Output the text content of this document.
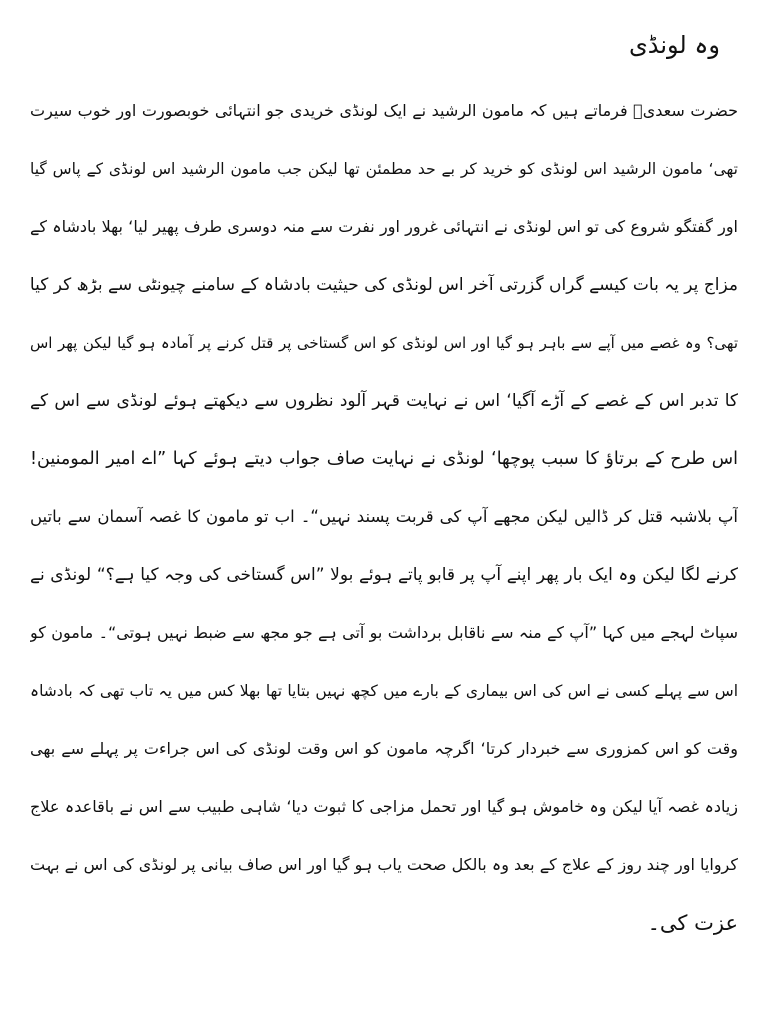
وہ لونڈی
حضرت سعدیؒ فرماتے ہیں کہ مامون الرشید نے ایک لونڈی خریدی جو انتہائی خوبصورت اور خوب سیرت
تھی‘ مامون الرشید اس لونڈی کو خرید کر بے حد مطمئن تھا لیکن جب مامون الرشید اس لونڈی کے پاس گیا
اور گفتگو شروع کی تو اس لونڈی نے انتہائی غرور اور نفرت سے منہ دوسری طرف پھیر لیا‘ بھلا بادشاہ کے
مزاج پر یہ بات کیسے گراں گزرتی آخر اس لونڈی کی حیثیت بادشاہ کے سامنے چیونٹی سے بڑھ کر کیا
تھی؟ وہ غصے میں آپے سے باہر ہو گیا اور اس لونڈی کو اس گستاخی پر قتل کرنے پر آمادہ ہو گیا لیکن پھر اس
کا تدبر اس کے غصے کے آڑے آگیا‘ اس نے نہایت قہر آلود نظروں سے دیکھتے ہوئے لونڈی سے اس کے
اس طرح کے برتاؤ کا سبب پوچھا‘ لونڈی نے نہایت صاف جواب دیتے ہوئے کہا ”اے امیر المومنین!
آپ بلاشبہ قتل کر ڈالیں لیکن مجھے آپ کی قربت پسند نہیں“۔ اب تو مامون کا غصہ آسمان سے باتیں
کرنے لگا لیکن وہ ایک بار پھر اپنے آپ پر قابو پاتے ہوئے بولا ”اس گستاخی کی وجہ کیا ہے؟“ لونڈی نے
سپاٹ لہجے میں کہا ”آپ کے منہ سے ناقابل برداشت بو آتی ہے جو مجھ سے ضبط نہیں ہوتی“۔ مامون کو
اس سے پہلے کسی نے اس کی اس بیماری کے بارے میں کچھ نہیں بتایا تھا بھلا کس میں یہ تاب تھی کہ بادشاہ
وقت کو اس کمزوری سے خبردار کرتا‘ اگرچہ مامون کو اس وقت لونڈی کی اس جراءت پر پہلے سے بھی
زیادہ غصہ آیا لیکن وہ خاموش ہو گیا اور تحمل مزاجی کا ثبوت دیا‘ شاہی طبیب سے اس نے باقاعدہ علاج
کروایا اور چند روز کے علاج کے بعد وہ بالکل صحت یاب ہو گیا اور اس صاف بیانی پر لونڈی کی اس نے بہت
عزت کی۔
